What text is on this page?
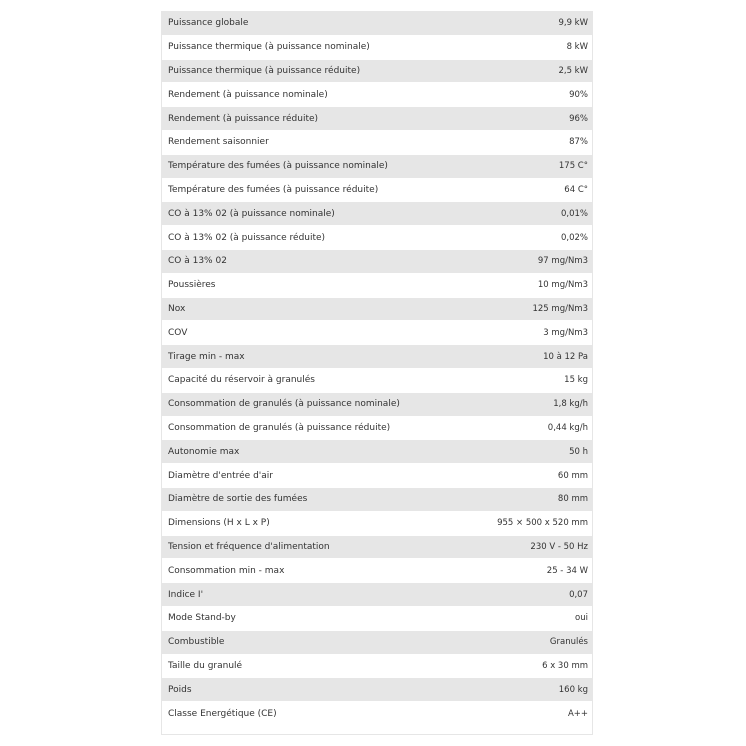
Puissance globale	9,9 kW
Puissance thermique (à puissance nominale)	8 kW
Puissance thermique (à puissance réduite)	2,5 kW
Rendement (à puissance nominale)	90%
Rendement (à puissance réduite)	96%
Rendement saisonnier	87%
Température des fumées (à puissance nominale)	175 C°
Température des fumées (à puissance réduite)	64 C°
CO à 13% 02 (à puissance nominale)	0,01%
CO à 13% 02 (à puissance réduite)	0,02%
CO à 13% 02	97 mg/Nm3
Poussières	10 mg/Nm3
Nox	125 mg/Nm3
COV	3 mg/Nm3
Tirage min - max	10 à 12 Pa
Capacité du réservoir à granulés	15 kg
Consommation de granulés (à puissance nominale)	1,8 kg/h
Consommation de granulés (à puissance réduite)	0,44 kg/h
Autonomie max	50 h
Diamètre d'entrée d'air	60 mm
Diamètre de sortie des fumées	80 mm
Dimensions (H x L x P)	955 × 500 x 520 mm
Tension et fréquence d'alimentation	230 V - 50 Hz
Consommation min - max	25 - 34 W
Indice I'	0,07
Mode Stand-by	oui
Combustible	Granulés
Taille du granulé	6 x 30 mm
Poids	160 kg
Classe Energétique (CE)	A++
